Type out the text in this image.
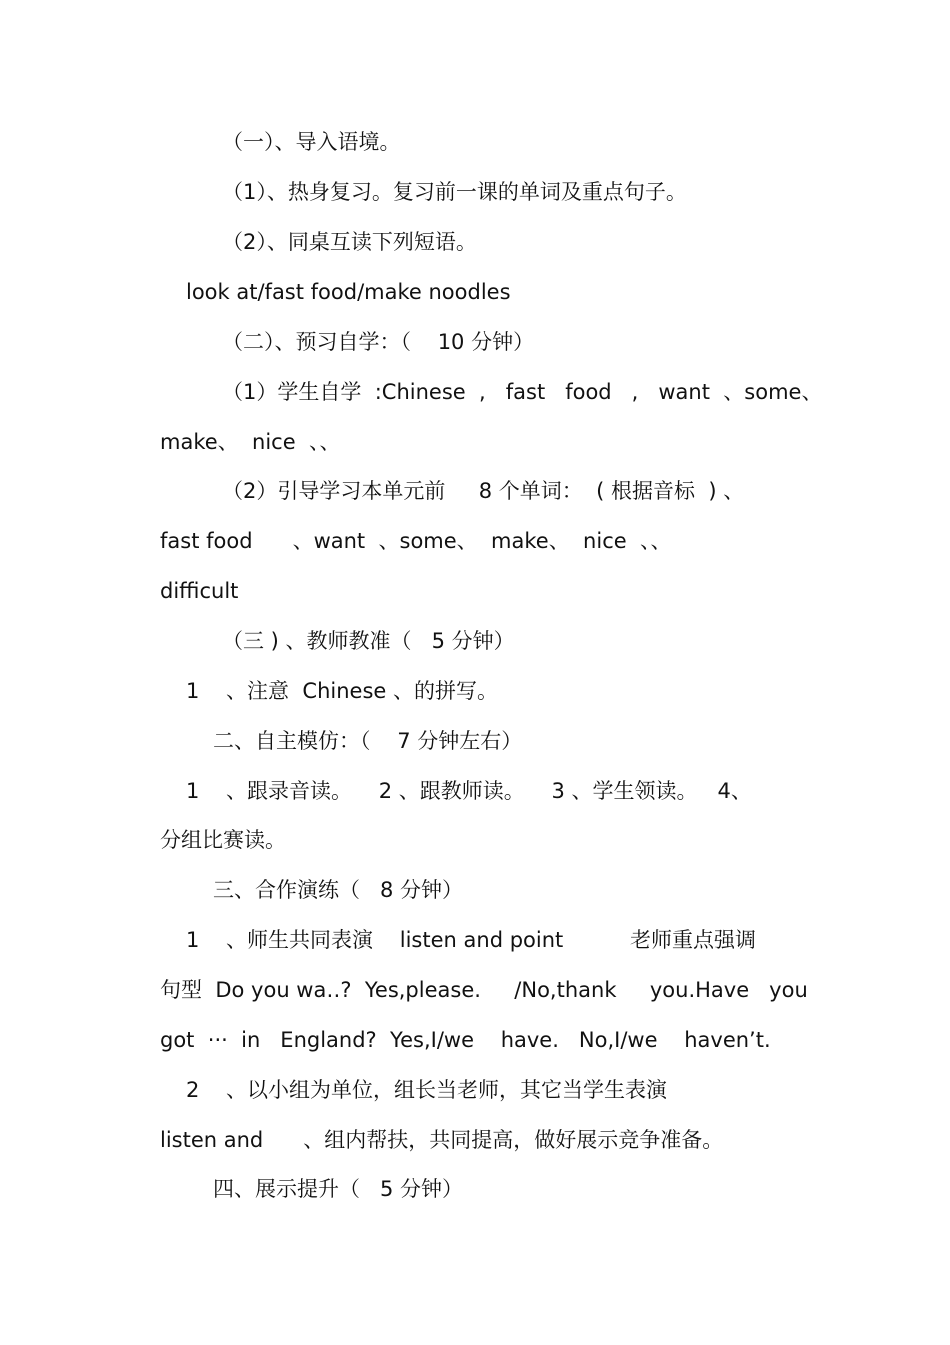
（一）、导入语境。
（1）、热身复习。复习前一课的单词及重点句子。
（2）、同桌互读下列短语。
look at/fast food/make noodles
（二）、预习自学：（    10 分钟）
（1）学生自学  :Chinese  ,   fast   food   ,   want  、some、
make、  nice  、、
（2）引导学习本单元前     8 个单词：  ( 根据音标  ) 、
fast food      、want  、some、  make、  nice  、、
difficult
（三 ) 、教师教准（   5 分钟）
1    、注意  Chinese 、的拼写。
二、自主模仿：（    7 分钟左右）
1    、跟录音读。    2 、跟教师读。    3 、学生领读。   4、
分组比赛读。
三、合作演练（   8 分钟）
1    、师生共同表演    listen and point          老师重点强调
句型  Do you wa‥?  Yes,please.     /No,thank     you.Have   you
got  ···  in   England?  Yes,I/we    have.   No,I/we    haven’t.
2    、以小组为单位，组长当老师，其它当学生表演
listen and      、组内帮扶，共同提高，做好展示竞争准备。
四、展示提升（   5 分钟）
